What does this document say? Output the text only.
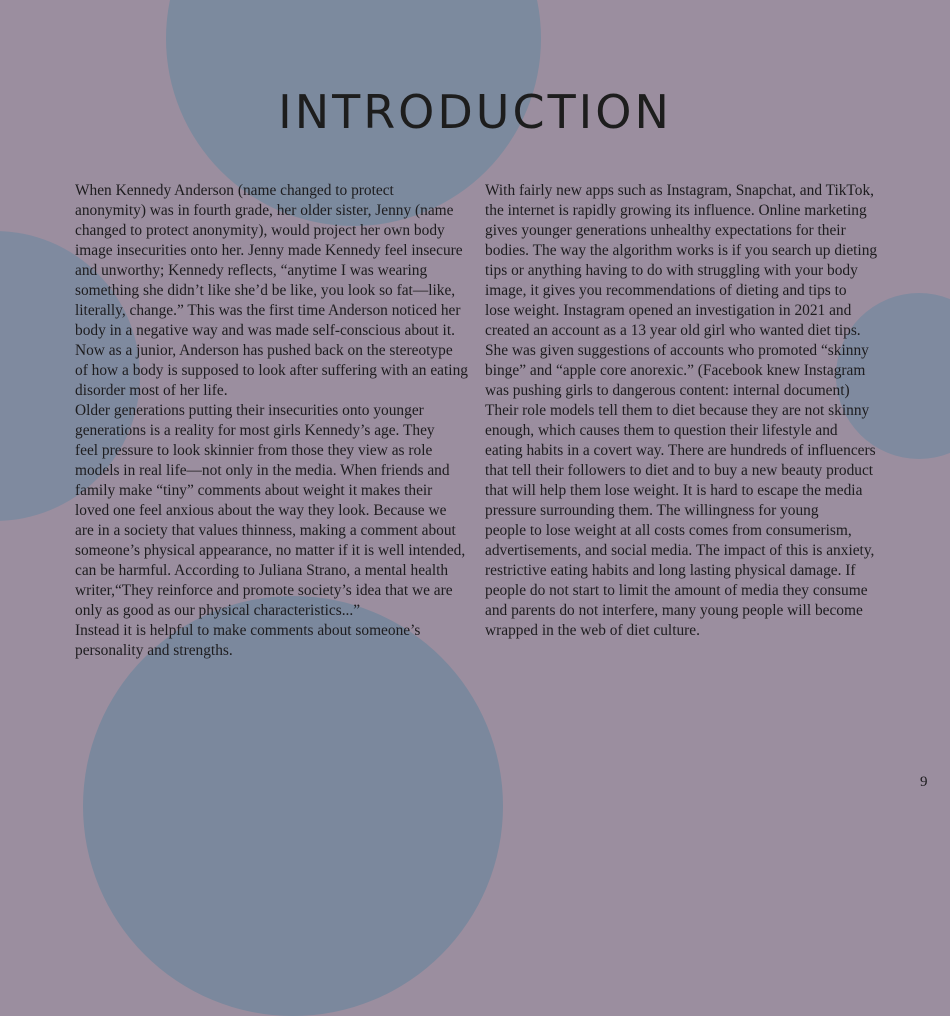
INTRODUCTION

When Kennedy Anderson (name changed to protect
anonymity) was in fourth grade, her older sister, Jenny (name
changed to protect anonymity), would project her own body
image insecurities onto her. Jenny made Kennedy feel insecure
and unworthy; Kennedy reflects, “anytime I was wearing
something she didn’t like she’d be like, you look so fat—like,
literally, change.” This was the first time Anderson noticed her
body in a negative way and was made self-conscious about it.
Now as a junior, Anderson has pushed back on the stereotype
of how a body is supposed to look after suffering with an eating
disorder most of her life.

Older generations putting their insecurities onto younger
generations is a reality for most girls Kennedy’s age. They
feel pressure to look skinnier from those they view as role
models in real life—not only in the media. When friends and
family make “tiny” comments about weight it makes their
loved one feel anxious about the way they look. Because we
are in a society that values thinness, making a comment about
someone’s physical appearance, no matter if it is well intended,
can be harmful. According to Juliana Strano, a mental health
writer,“They reinforce and promote society’s idea that we are
only as good as our physical characteristics...”

Instead it is helpful to make comments about someone’s
personality and strengths.

With fairly new apps such as Instagram, Snapchat, and TikTok,
the internet is rapidly growing its influence. Online marketing
gives younger generations unhealthy expectations for their
bodies. The way the algorithm works is if you search up dieting
tips or anything having to do with struggling with your body
image, it gives you recommendations of dieting and tips to
lose weight. Instagram opened an investigation in 2021 and
created an account as a 13 year old girl who wanted diet tips.
She was given suggestions of accounts who promoted “skinny
binge” and “apple core anorexic.” (Facebook knew Instagram
was pushing girls to dangerous content: internal document)
Their role models tell them to diet because they are not skinny
enough, which causes them to question their lifestyle and
eating habits in a covert way. There are hundreds of influencers
that tell their followers to diet and to buy a new beauty product
that will help them lose weight. It is hard to escape the media
pressure surrounding them. The willingness for young
people to lose weight at all costs comes from consumerism,
advertisements, and social media. The impact of this is anxiety,
restrictive eating habits and long lasting physical damage. If
people do not start to limit the amount of media they consume
and parents do not interfere, many young people will become
wrapped in the web of diet culture.

9
